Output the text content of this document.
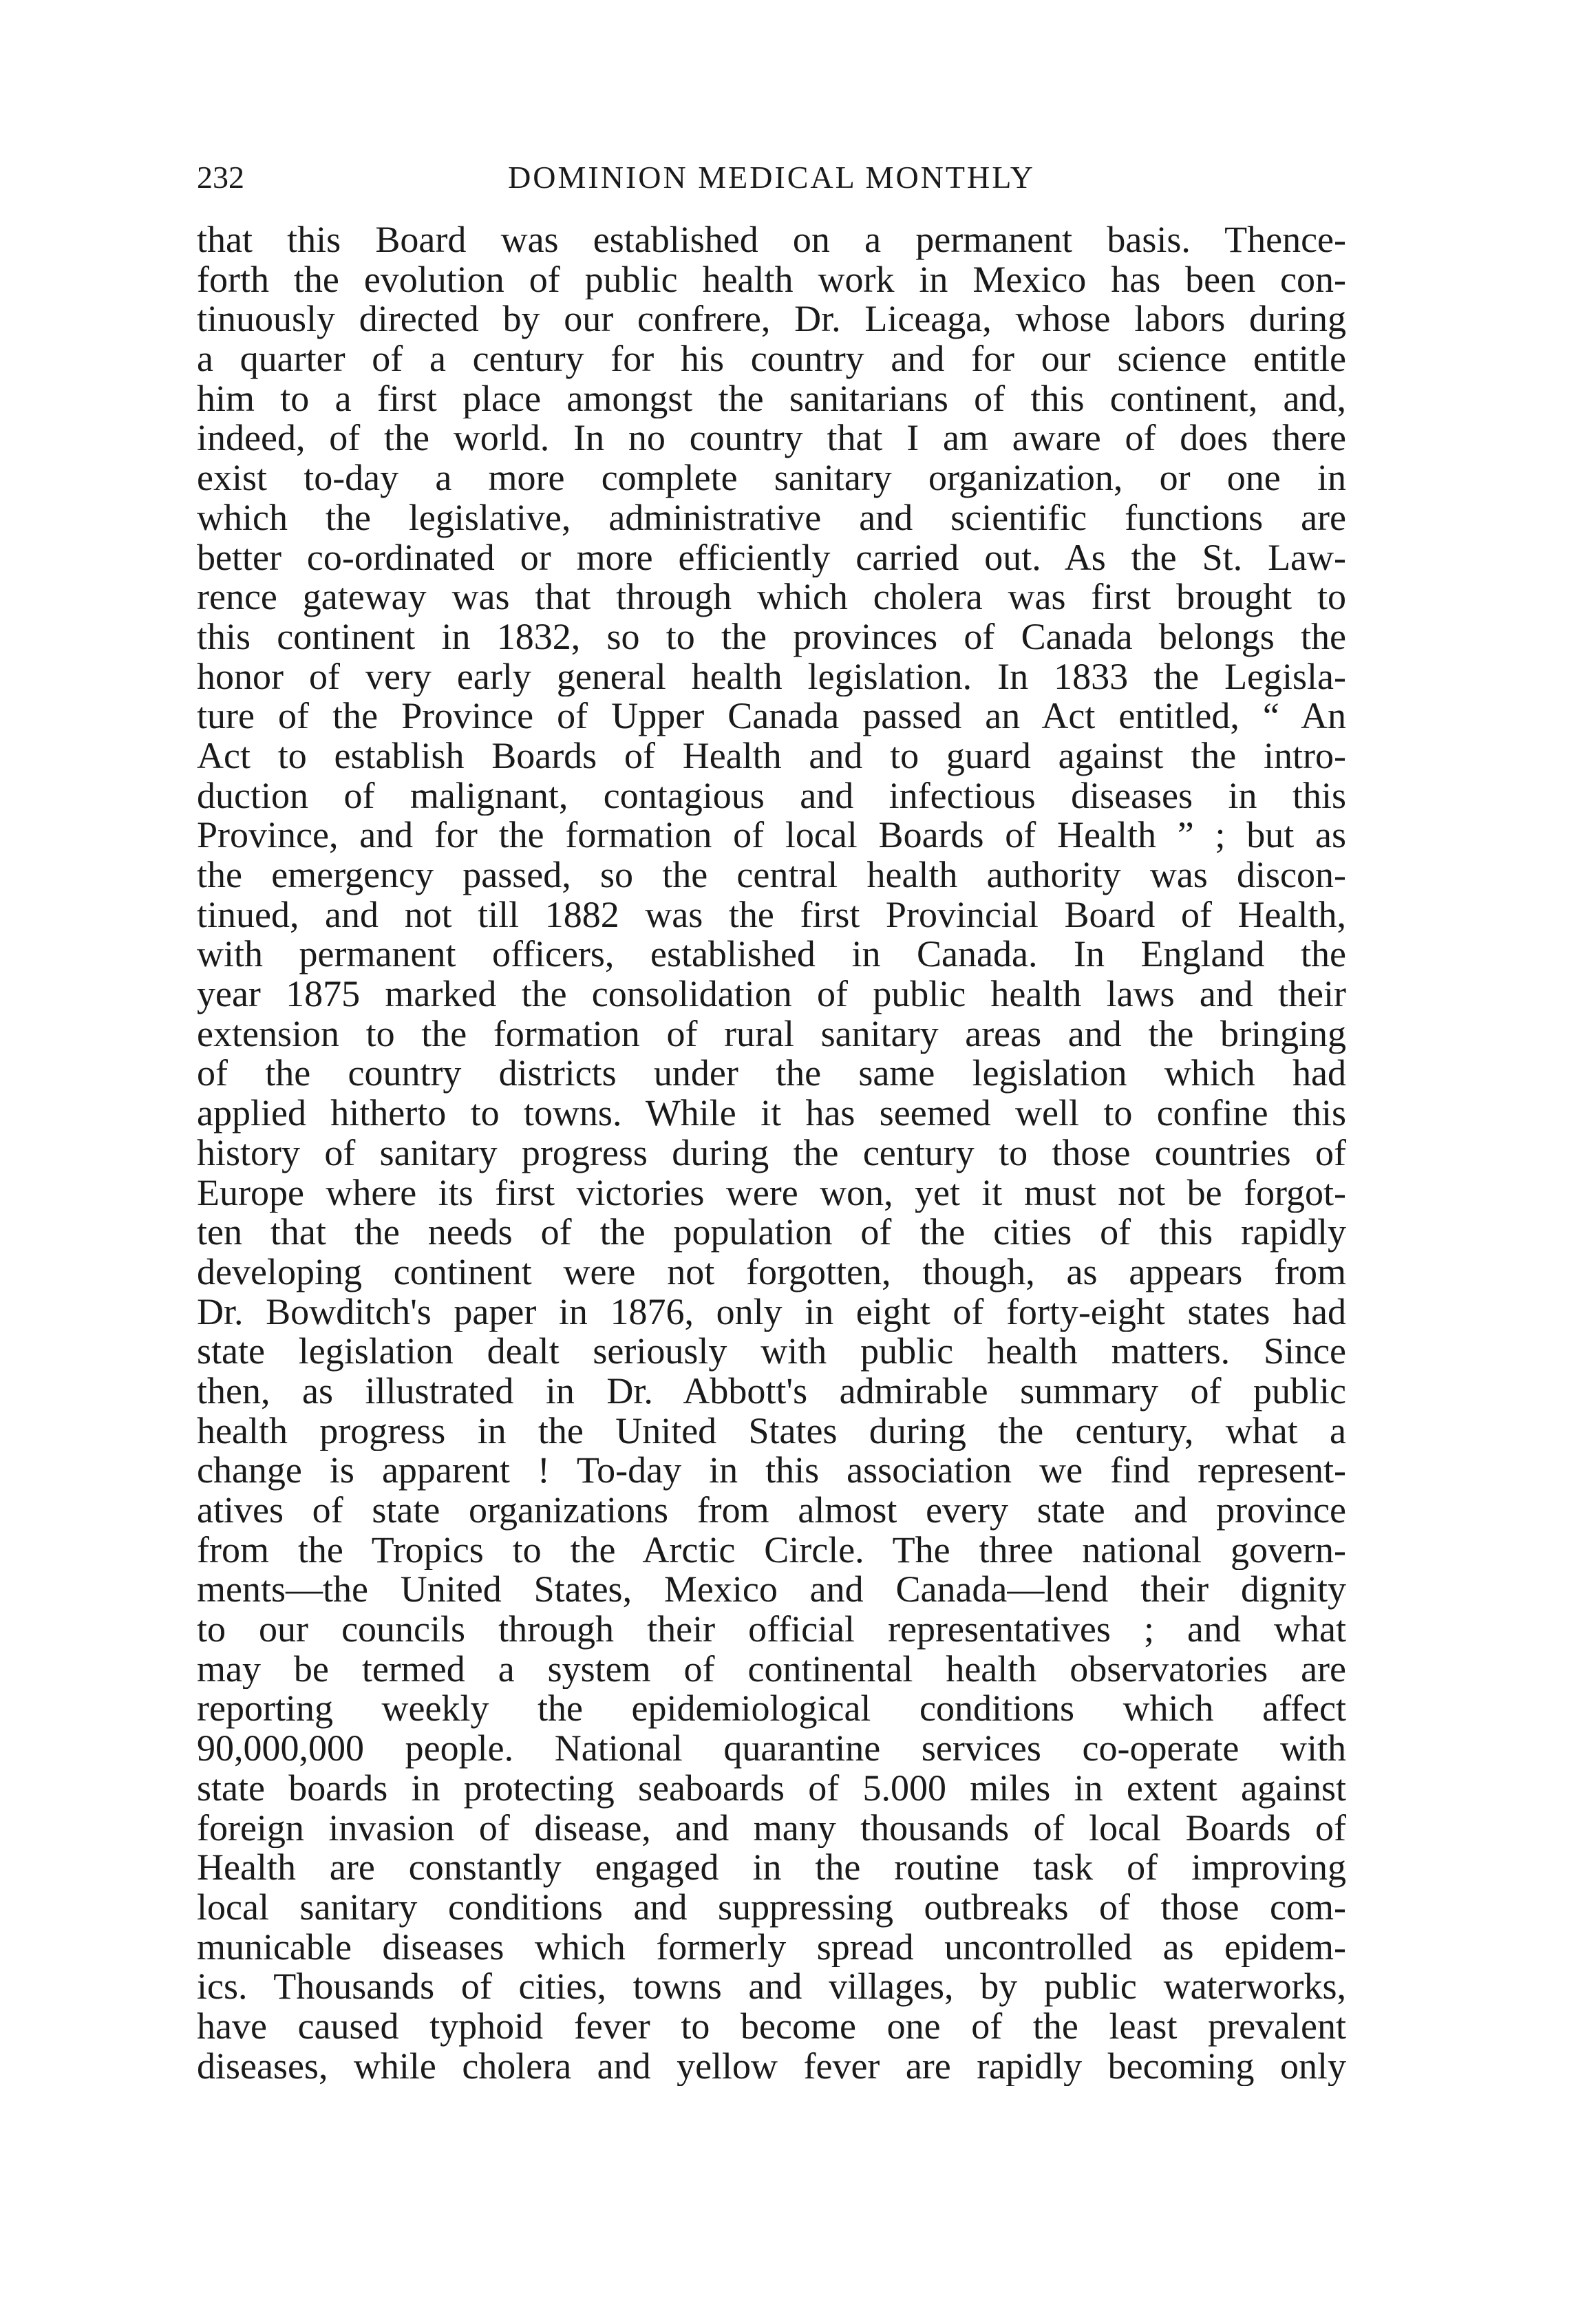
232	DOMINION MEDICAL MONTHLY
that this Board was established on a permanent basis. Thence-
forth the evolution of public health work in Mexico has been con-
tinuously directed by our confrere, Dr. Liceaga, whose labors during
a quarter of a century for his country and for our science entitle
him to a first place amongst the sanitarians of this continent, and,
indeed, of the world. In no country that I am aware of does there
exist to-day a more complete sanitary organization, or one in
which the legislative, administrative and scientific functions are
better co-ordinated or more efficiently carried out. As the St. Law-
rence gateway was that through which cholera was first brought to
this continent in 1832, so to the provinces of Canada belongs the
honor of very early general health legislation. In 1833 the Legisla-
ture of the Province of Upper Canada passed an Act entitled, “ An
Act to establish Boards of Health and to guard against the intro-
duction of malignant, contagious and infectious diseases in this
Province, and for the formation of local Boards of Health ” ; but as
the emergency passed, so the central health authority was discon-
tinued, and not till 1882 was the first Provincial Board of Health,
with permanent officers, established in Canada. In England the
year 1875 marked the consolidation of public health laws and their
extension to the formation of rural sanitary areas and the bringing
of the country districts under the same legislation which had
applied hitherto to towns. While it has seemed well to confine this
history of sanitary progress during the century to those countries of
Europe where its first victories were won, yet it must not be forgot-
ten that the needs of the population of the cities of this rapidly
developing continent were not forgotten, though, as appears from
Dr. Bowditch's paper in 1876, only in eight of forty-eight states had
state legislation dealt seriously with public health matters. Since
then, as illustrated in Dr. Abbott's admirable summary of public
health progress in the United States during the century, what a
change is apparent ! To-day in this association we find represent-
atives of state organizations from almost every state and province
from the Tropics to the Arctic Circle. The three national govern-
ments—the United States, Mexico and Canada—lend their dignity
to our councils through their official representatives ; and what
may be termed a system of continental health observatories are
reporting weekly the epidemiological conditions which affect
90,000,000 people. National quarantine services co-operate with
state boards in protecting seaboards of 5.000 miles in extent against
foreign invasion of disease, and many thousands of local Boards of
Health are constantly engaged in the routine task of improving
local sanitary conditions and suppressing outbreaks of those com-
municable diseases which formerly spread uncontrolled as epidem-
ics. Thousands of cities, towns and villages, by public waterworks,
have caused typhoid fever to become one of the least prevalent
diseases, while cholera and yellow fever are rapidly becoming only
